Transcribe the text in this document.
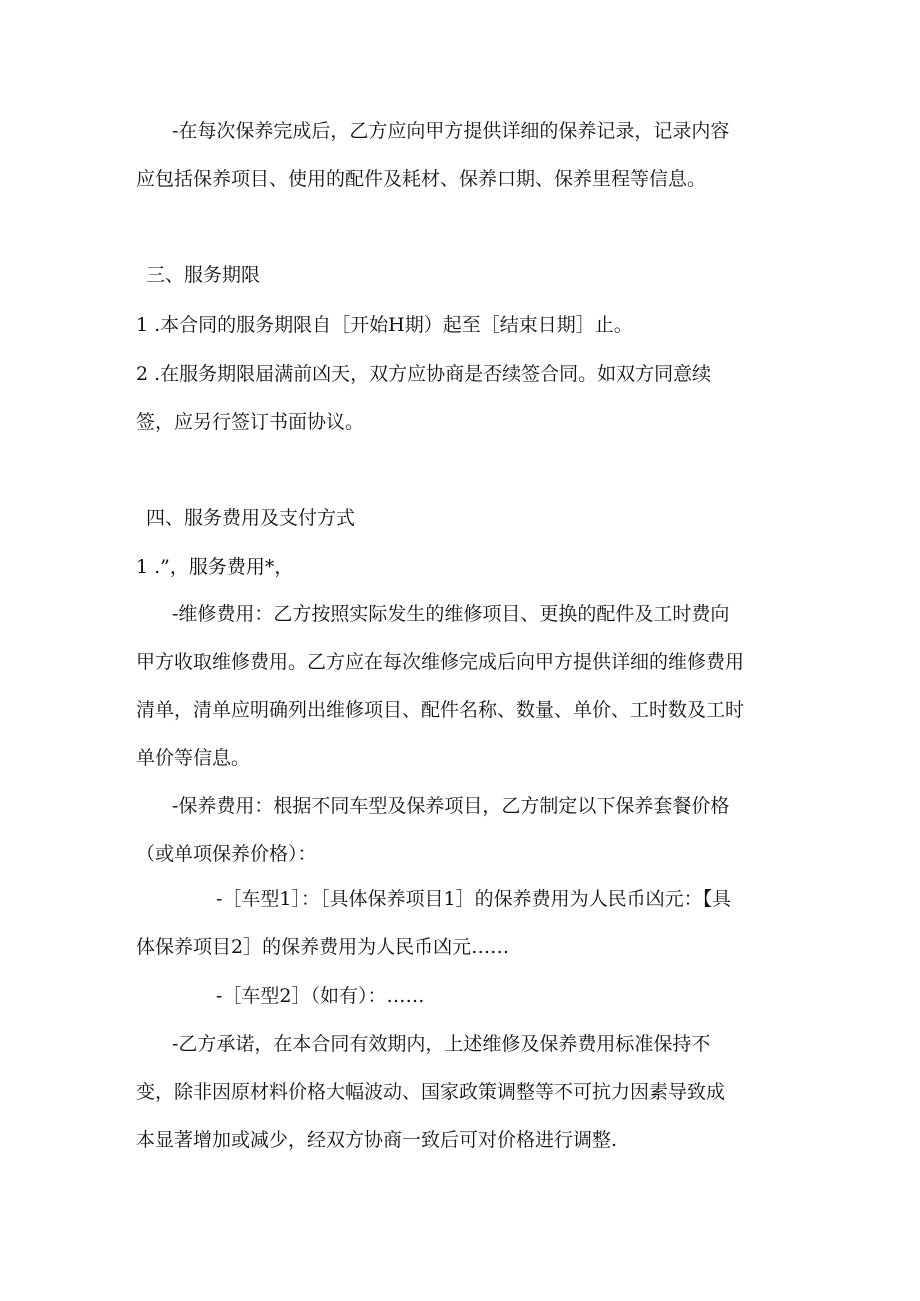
-在每次保养完成后，乙方应向甲方提供详细的保养记录，记录内容
应包括保养项目、使用的配件及耗材、保养口期、保养里程等信息。
三、服务期限
1 .本合同的服务期限自［开始H期）起至［结束日期］止。
2 .在服务期限届满前凶天，双方应协商是否续签合同。如双方同意续
签，应另行签订书面协议。
四、服务费用及支付方式
1 .”，服务费用*，
-维修费用：乙方按照实际发生的维修项目、更换的配件及工时费向
甲方收取维修费用。乙方应在每次维修完成后向甲方提供详细的维修费用
清单，清单应明确列出维修项目、配件名称、数量、单价、工时数及工时
单价等信息。
-保养费用：根据不同车型及保养项目，乙方制定以下保养套餐价格
（或单项保养价格）：
-［车型1］：［具体保养项目1］的保养费用为人民币凶元：【具
体保养项目2］的保养费用为人民币凶元……
-［车型2］（如有）：……
-乙方承诺，在本合同有效期内，上述维修及保养费用标准保持不
变，除非因原材料价格大幅波动、国家政策调整等不可抗力因素导致成
本显著增加或减少，经双方协商一致后可对价格进行调整.
